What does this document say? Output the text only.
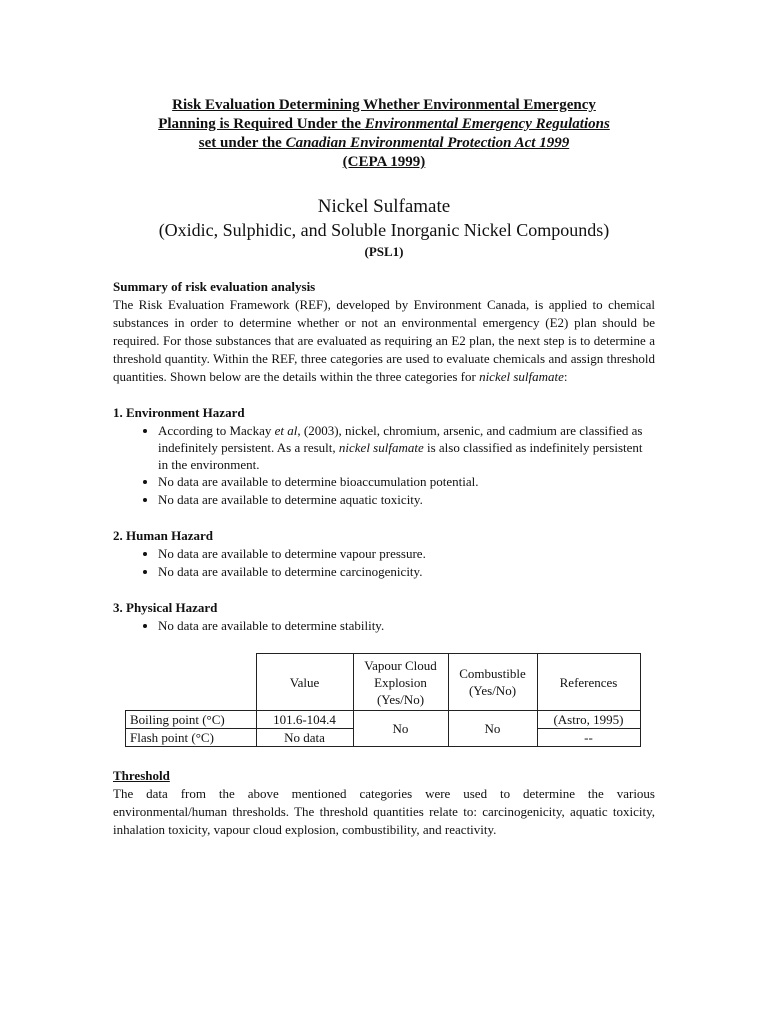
Risk Evaluation Determining Whether Environmental Emergency
Planning is Required Under the Environmental Emergency Regulations
set under the Canadian Environmental Protection Act 1999
(CEPA 1999)
Nickel Sulfamate
(Oxidic, Sulphidic, and Soluble Inorganic Nickel Compounds)
(PSL1)
Summary of risk evaluation analysis

The Risk Evaluation Framework (REF), developed by Environment Canada, is applied to chemical substances in order to determine whether or not an environmental emergency (E2) plan should be required. For those substances that are evaluated as requiring an E2 plan, the next step is to determine a threshold quantity. Within the REF, three categories are used to evaluate chemicals and assign threshold quantities. Shown below are the details within the three categories for nickel sulfamate:

1. Environment Hazard
• According to Mackay et al, (2003), nickel, chromium, arsenic, and cadmium are classified as indefinitely persistent. As a result, nickel sulfamate is also classified as indefinitely persistent in the environment.
• No data are available to determine bioaccumulation potential.
• No data are available to determine aquatic toxicity.
2. Human Hazard
• No data are available to determine vapour pressure.
• No data are available to determine carcinogenicity.
3. Physical Hazard
• No data are available to determine stability.
	Value	Vapour Cloud Explosion (Yes/No)	Combustible (Yes/No)	References
Boiling point (°C)	101.6-104.4	No	No	(Astro, 1995)
Flash point (°C)	No data			--
Threshold

The data from the above mentioned categories were used to determine the various environmental/human thresholds. The threshold quantities relate to: carcinogenicity, aquatic toxicity, inhalation toxicity, vapour cloud explosion, combustibility, and reactivity.
